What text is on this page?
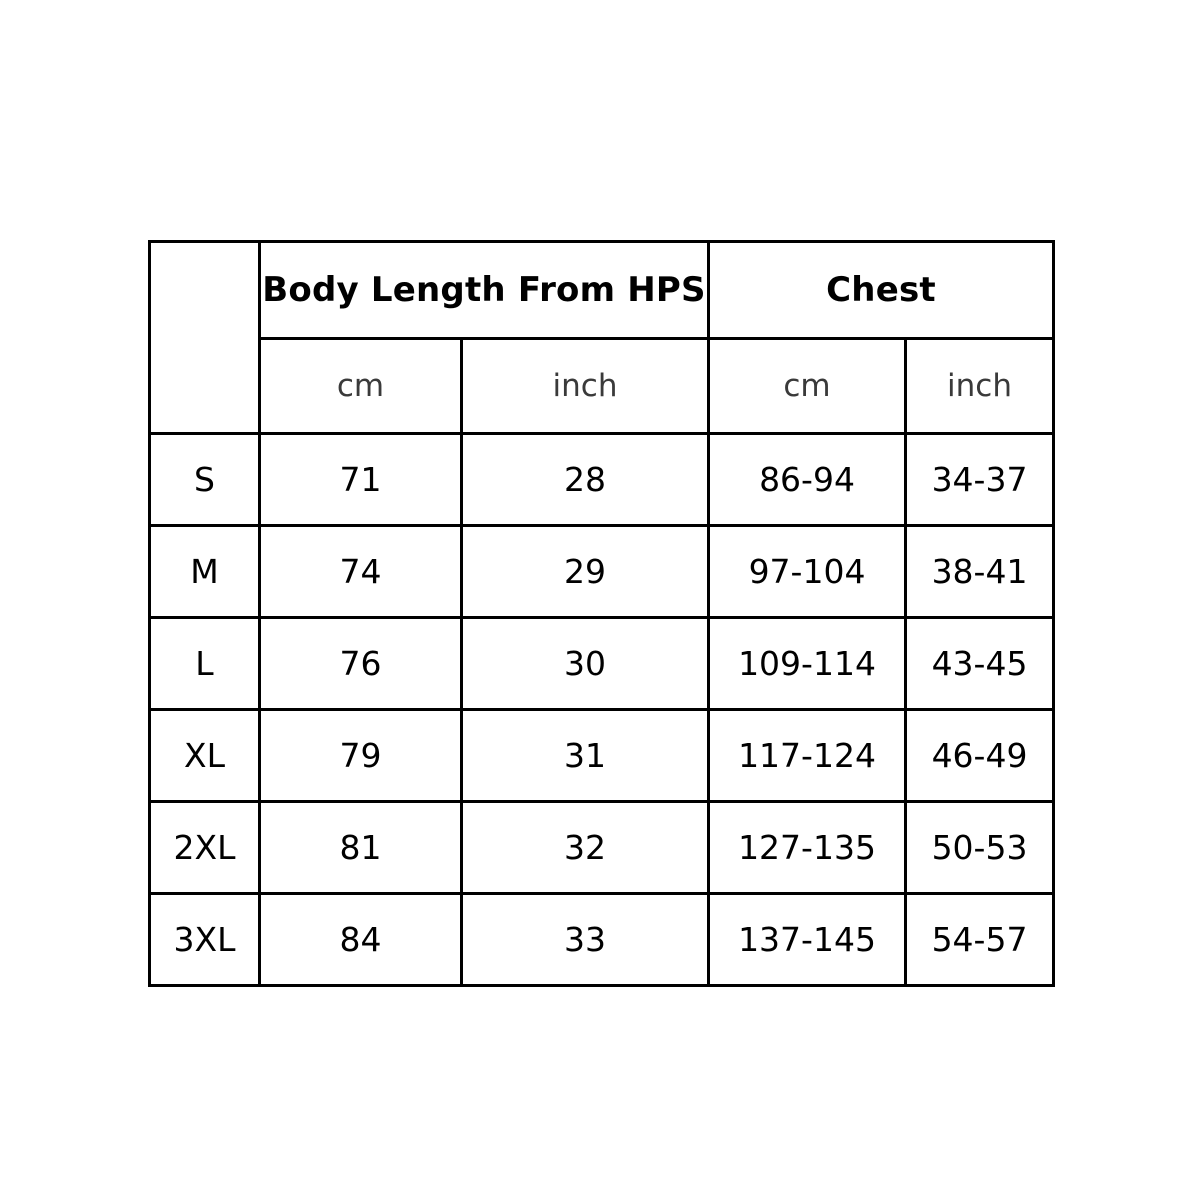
	Body Length From HPS		Chest	
	cm	inch	cm	inch
S	71	28	86-94	34-37
M	74	29	97-104	38-41
L	76	30	109-114	43-45
XL	79	31	117-124	46-49
2XL	81	32	127-135	50-53
3XL	84	33	137-145	54-57
